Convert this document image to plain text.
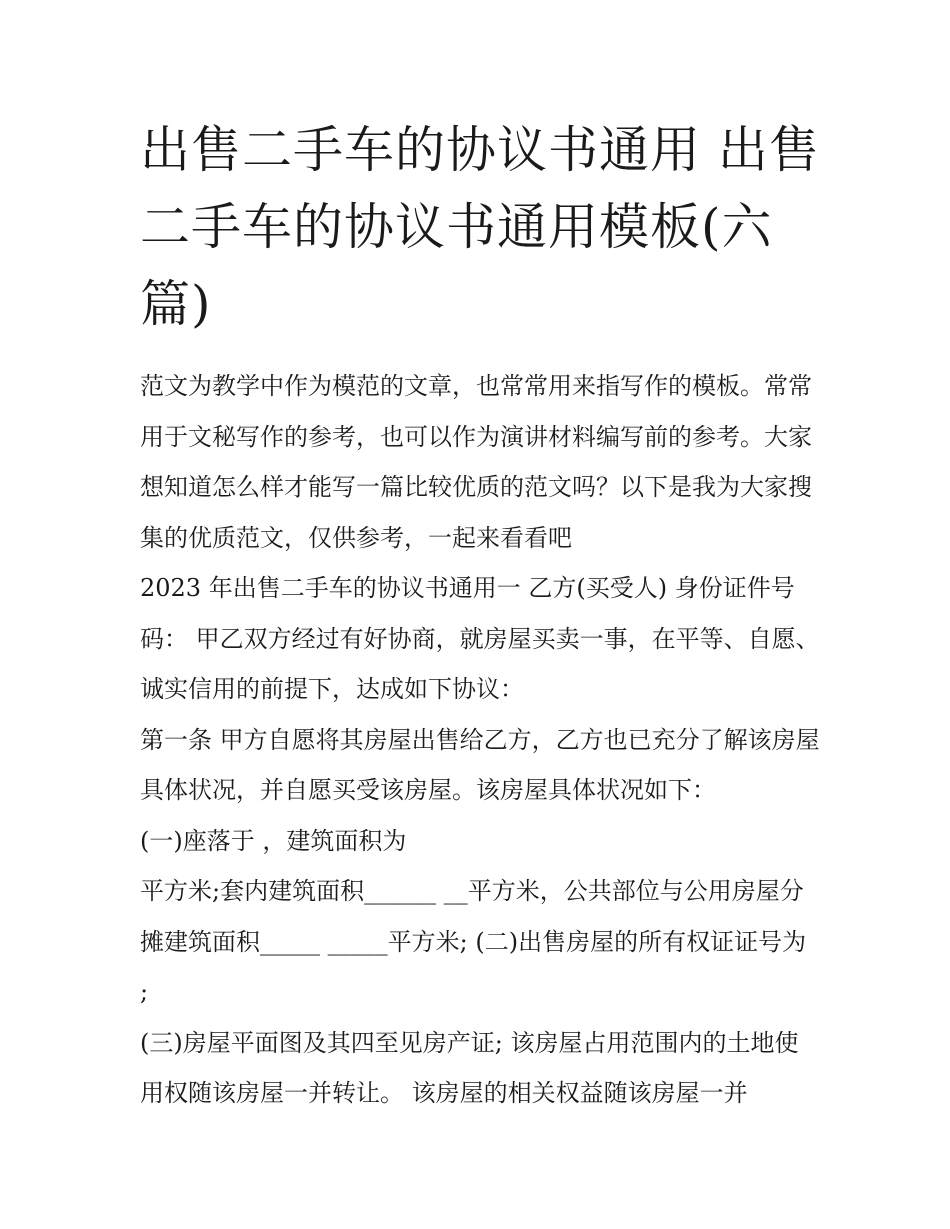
出售二手车的协议书通用 出售二手车的协议书通用模板(六篇)

范文为教学中作为模范的文章，也常常用来指写作的模板。常常用于文秘写作的参考，也可以作为演讲材料编写前的参考。大家想知道怎么样才能写一篇比较优质的范文吗？以下是我为大家搜集的优质范文，仅供参考，一起来看看吧

2023 年出售二手车的协议书通用一 乙方(买受人) 身份证件号码： 甲乙双方经过有好协商，就房屋买卖一事，在平等、自愿、诚实信用的前提下，达成如下协议：

第一条 甲方自愿将其房屋出售给乙方，乙方也已充分了解该房屋具体状况，并自愿买受该房屋。该房屋具体状况如下：

(一)座落于 ，建筑面积为

平方米;套内建筑面积______ __平方米，公共部位与公用房屋分摊建筑面积_____ _____平方米; (二)出售房屋的所有权证证号为 ;

(三)房屋平面图及其四至见房产证; 该房屋占用范围内的土地使用权随该房屋一并转让。 该房屋的相关权益随该房屋一并
